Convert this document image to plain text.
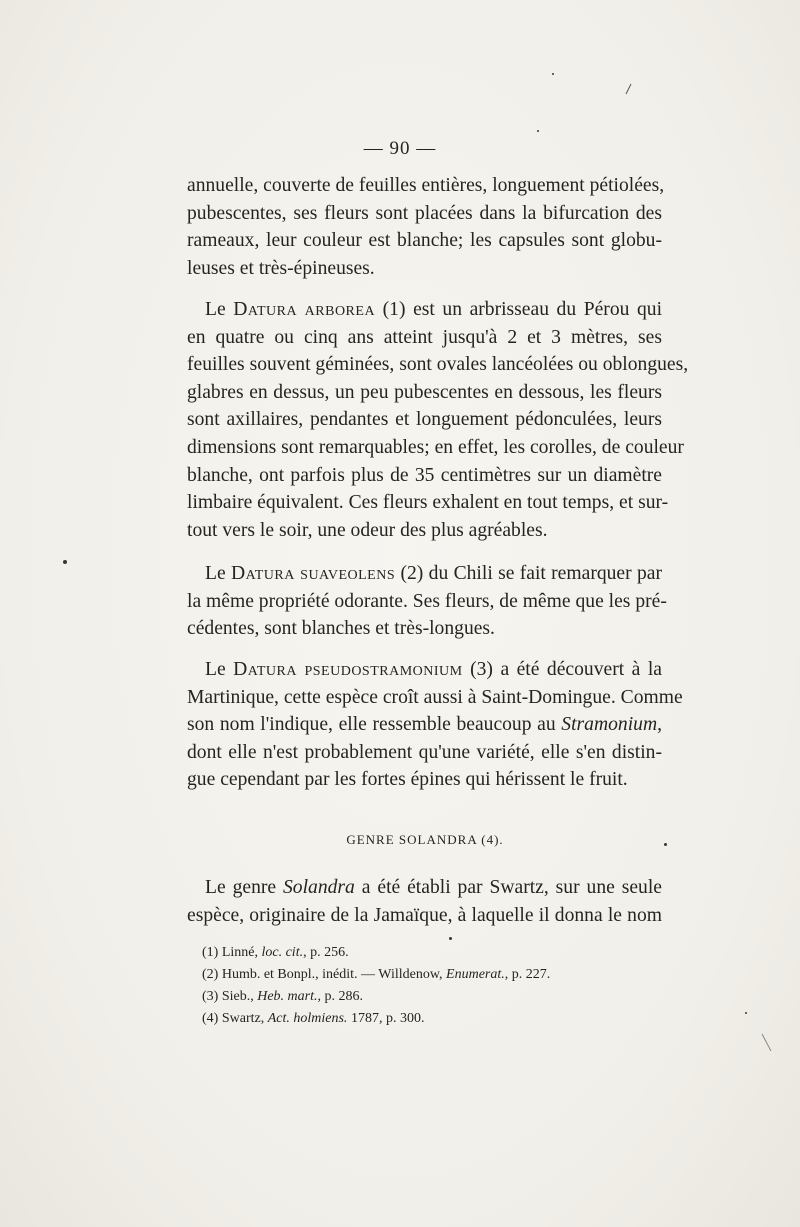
— 90 —
annuelle, couverte de feuilles entières, longuement pétiolées,
pubescentes, ses fleurs sont placées dans la bifurcation des
rameaux, leur couleur est blanche; les capsules sont globu-
leuses et très-épineuses.
Le Datura arborea (1) est un arbrisseau du Pérou qui
en quatre ou cinq ans atteint jusqu'à 2 et 3 mètres, ses
feuilles souvent géminées, sont ovales lancéolées ou oblongues,
glabres en dessus, un peu pubescentes en dessous, les fleurs
sont axillaires, pendantes et longuement pédonculées, leurs
dimensions sont remarquables; en effet, les corolles, de couleur
blanche, ont parfois plus de 35 centimètres sur un diamètre
limbaire équivalent. Ces fleurs exhalent en tout temps, et sur-
tout vers le soir, une odeur des plus agréables.
Le Datura suaveolens (2) du Chili se fait remarquer par
la même propriété odorante. Ses fleurs, de même que les pré-
cédentes, sont blanches et très-longues.
Le Datura pseudostramonium (3) a été découvert à la
Martinique, cette espèce croît aussi à Saint-Domingue. Comme
son nom l'indique, elle ressemble beaucoup au Stramonium,
dont elle n'est probablement qu'une variété, elle s'en distin-
gue cependant par les fortes épines qui hérissent le fruit.
GENRE SOLANDRA (4).
Le genre Solandra a été établi par Swartz, sur une seule
espèce, originaire de la Jamaïque, à laquelle il donna le nom
(1) Linné, loc. cit., p. 256.
(2) Humb. et Bonpl., inédit. — Willdenow, Enumerat., p. 227.
(3) Sieb., Heb. mart., p. 286.
(4) Swartz, Act. holmiens. 1787, p. 300.
